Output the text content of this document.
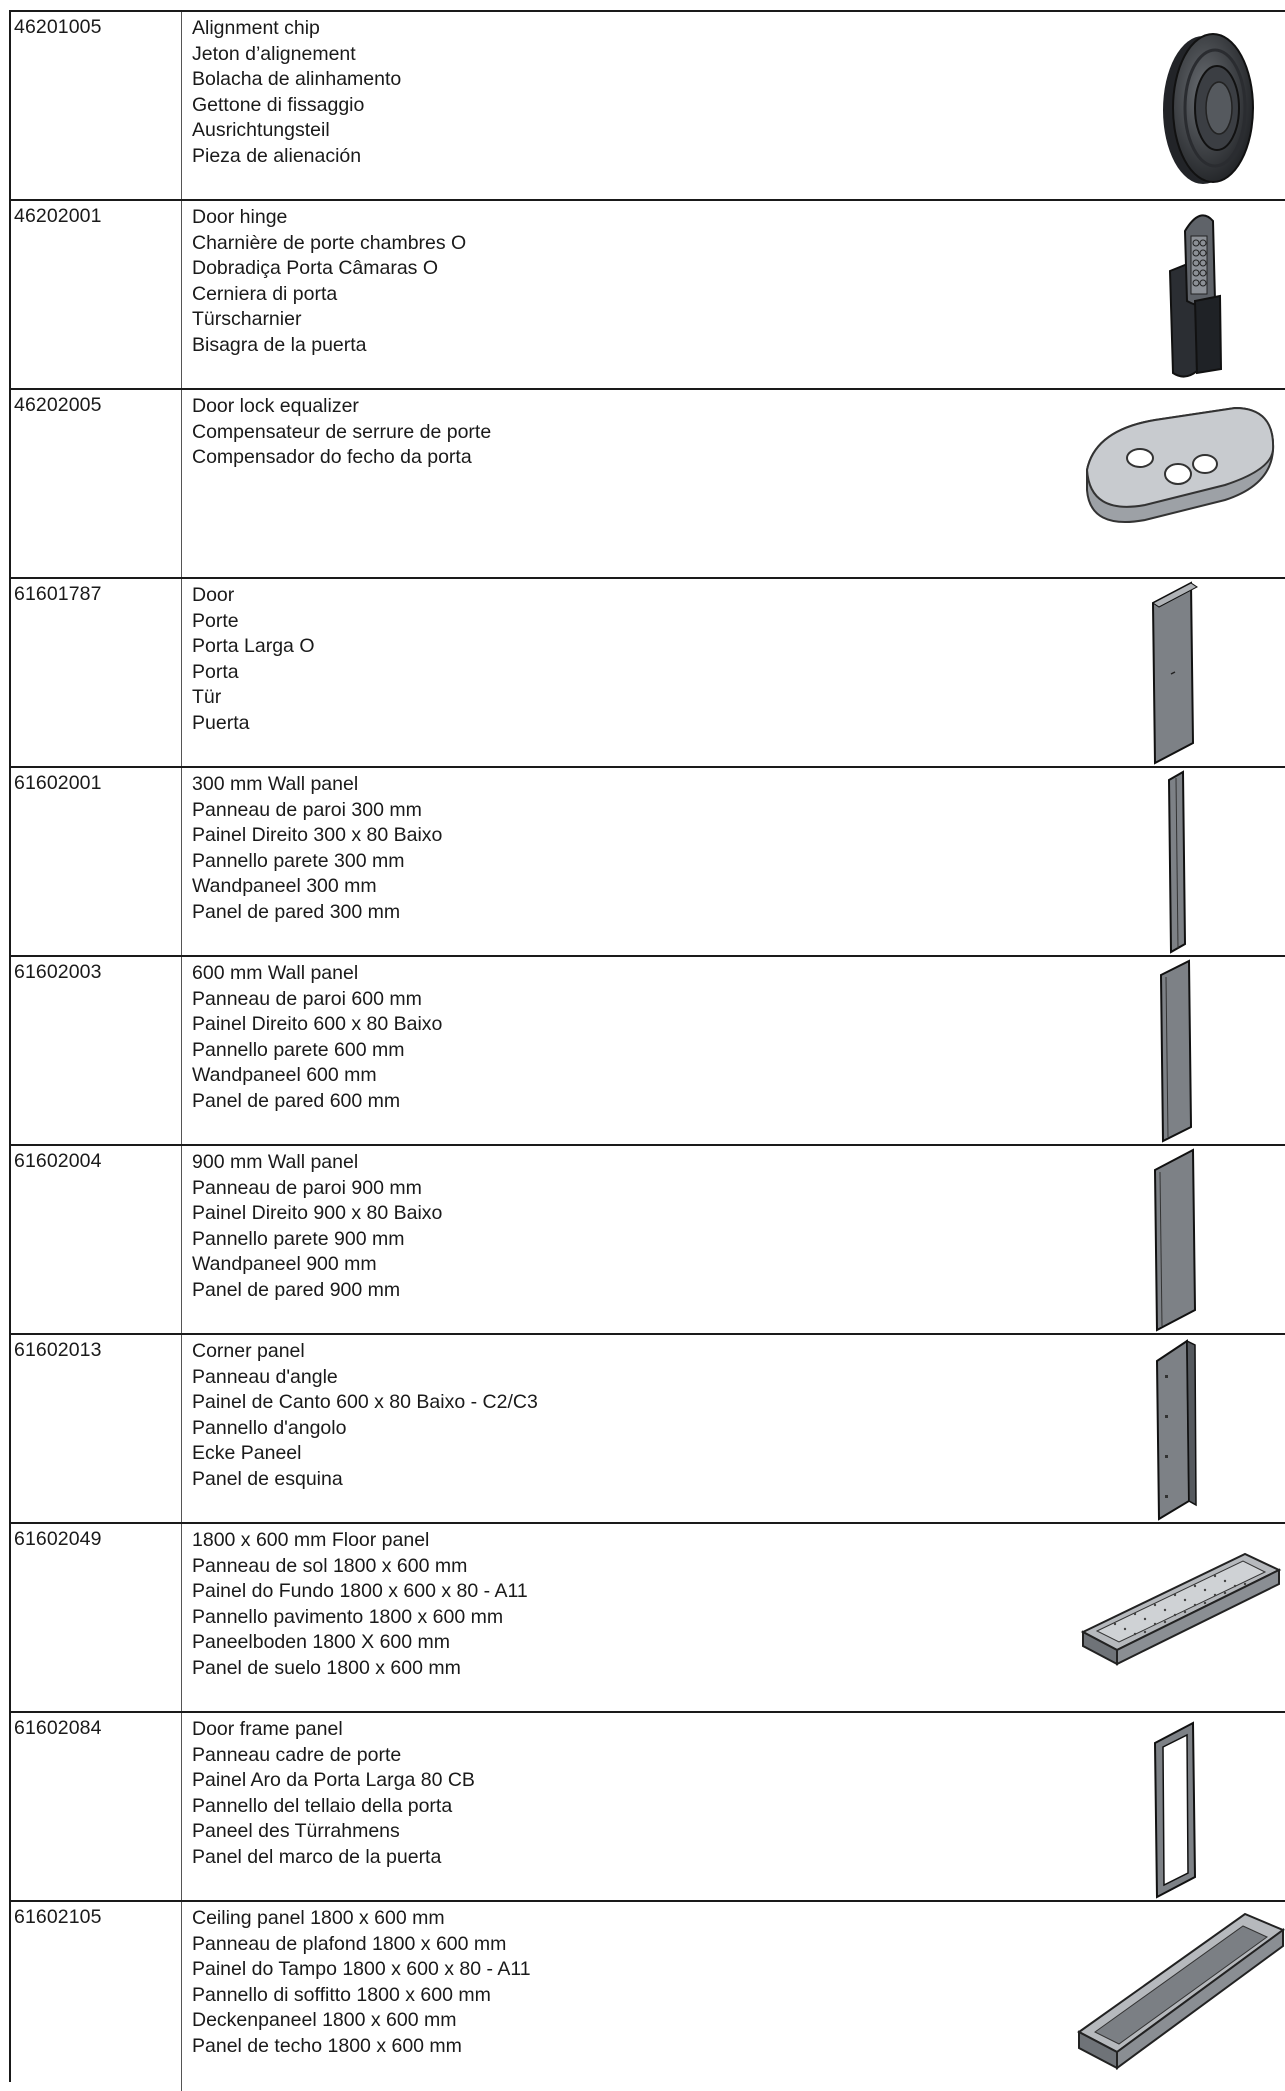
46201005	Alignment chip
Jeton d’alignement
Bolacha de alinhamento
Gettone di fissaggio
Ausrichtungsteil
Pieza de alienación
46202001	Door hinge
Charnière de porte chambres O
Dobradiça Porta Câmaras O
Cerniera di porta
Türscharnier
Bisagra de la puerta
46202005	Door lock equalizer
Compensateur de serrure de porte
Compensador do fecho da porta
61601787	Door
Porte
Porta Larga O
Porta
Tür
Puerta
61602001	300 mm Wall panel
Panneau de paroi 300 mm
Painel Direito 300 x 80 Baixo
Pannello parete 300 mm
Wandpaneel 300 mm
Panel de pared 300 mm
61602003	600 mm Wall panel
Panneau de paroi 600 mm
Painel Direito 600 x 80 Baixo
Pannello parete 600 mm
Wandpaneel 600 mm
Panel de pared 600 mm
61602004	900 mm Wall panel
Panneau de paroi 900 mm
Painel Direito 900 x 80 Baixo
Pannello parete 900 mm
Wandpaneel 900 mm
Panel de pared 900 mm
61602013	Corner panel
Panneau d'angle
Painel de Canto 600 x 80 Baixo - C2/C3
Pannello d'angolo
Ecke Paneel
Panel de esquina
61602049	1800 x 600 mm Floor panel
Panneau de sol 1800 x 600 mm
Painel do Fundo 1800 x 600 x 80 - A11
Pannello pavimento 1800 x 600 mm
Paneelboden 1800 X 600 mm
Panel de suelo 1800 x 600 mm
61602084	Door frame panel
Panneau cadre de porte
Painel Aro da Porta Larga 80 CB
Pannello del tellaio della porta
Paneel des Türrahmens
Panel del marco de la puerta
61602105	Ceiling panel 1800 x 600 mm
Panneau de plafond 1800 x 600 mm
Painel do Tampo 1800 x 600 x 80 - A11
Pannello di soffitto 1800 x 600 mm
Deckenpaneel 1800 x 600 mm
Panel de techo 1800 x 600 mm
